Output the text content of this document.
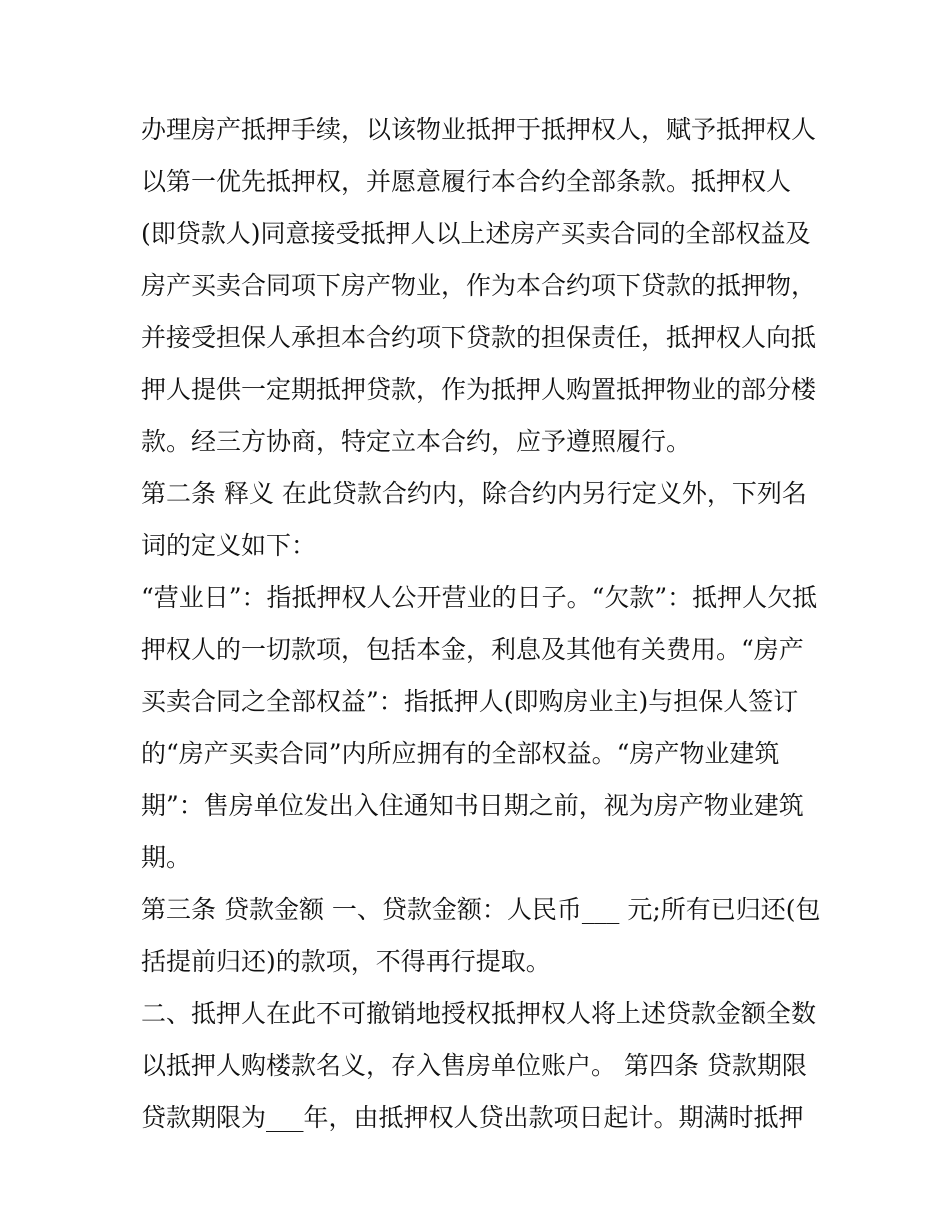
办理房产抵押手续，以该物业抵押于抵押权人，赋予抵押权人
以第一优先抵押权，并愿意履行本合约全部条款。抵押权人
(即贷款人)同意接受抵押人以上述房产买卖合同的全部权益及
房产买卖合同项下房产物业，作为本合约项下贷款的抵押物，
并接受担保人承担本合约项下贷款的担保责任，抵押权人向抵
押人提供一定期抵押贷款，作为抵押人购置抵押物业的部分楼
款。经三方协商，特定立本合约，应予遵照履行。
第二条 释义 在此贷款合约内，除合约内另行定义外，下列名
词的定义如下：
“营业日”：指抵押权人公开营业的日子。“欠款”：抵押人欠抵
押权人的一切款项，包括本金，利息及其他有关费用。“房产
买卖合同之全部权益”：指抵押人(即购房业主)与担保人签订
的“房产买卖合同”内所应拥有的全部权益。“房产物业建筑
期”：售房单位发出入住通知书日期之前，视为房产物业建筑
期。
第三条 贷款金额 一、贷款金额：人民币___ 元;所有已归还(包
括提前归还)的款项，不得再行提取。
二、抵押人在此不可撤销地授权抵押权人将上述贷款金额全数
以抵押人购楼款名义，存入售房单位账户。 第四条 贷款期限
贷款期限为___年，由抵押权人贷出款项日起计。期满时抵押
